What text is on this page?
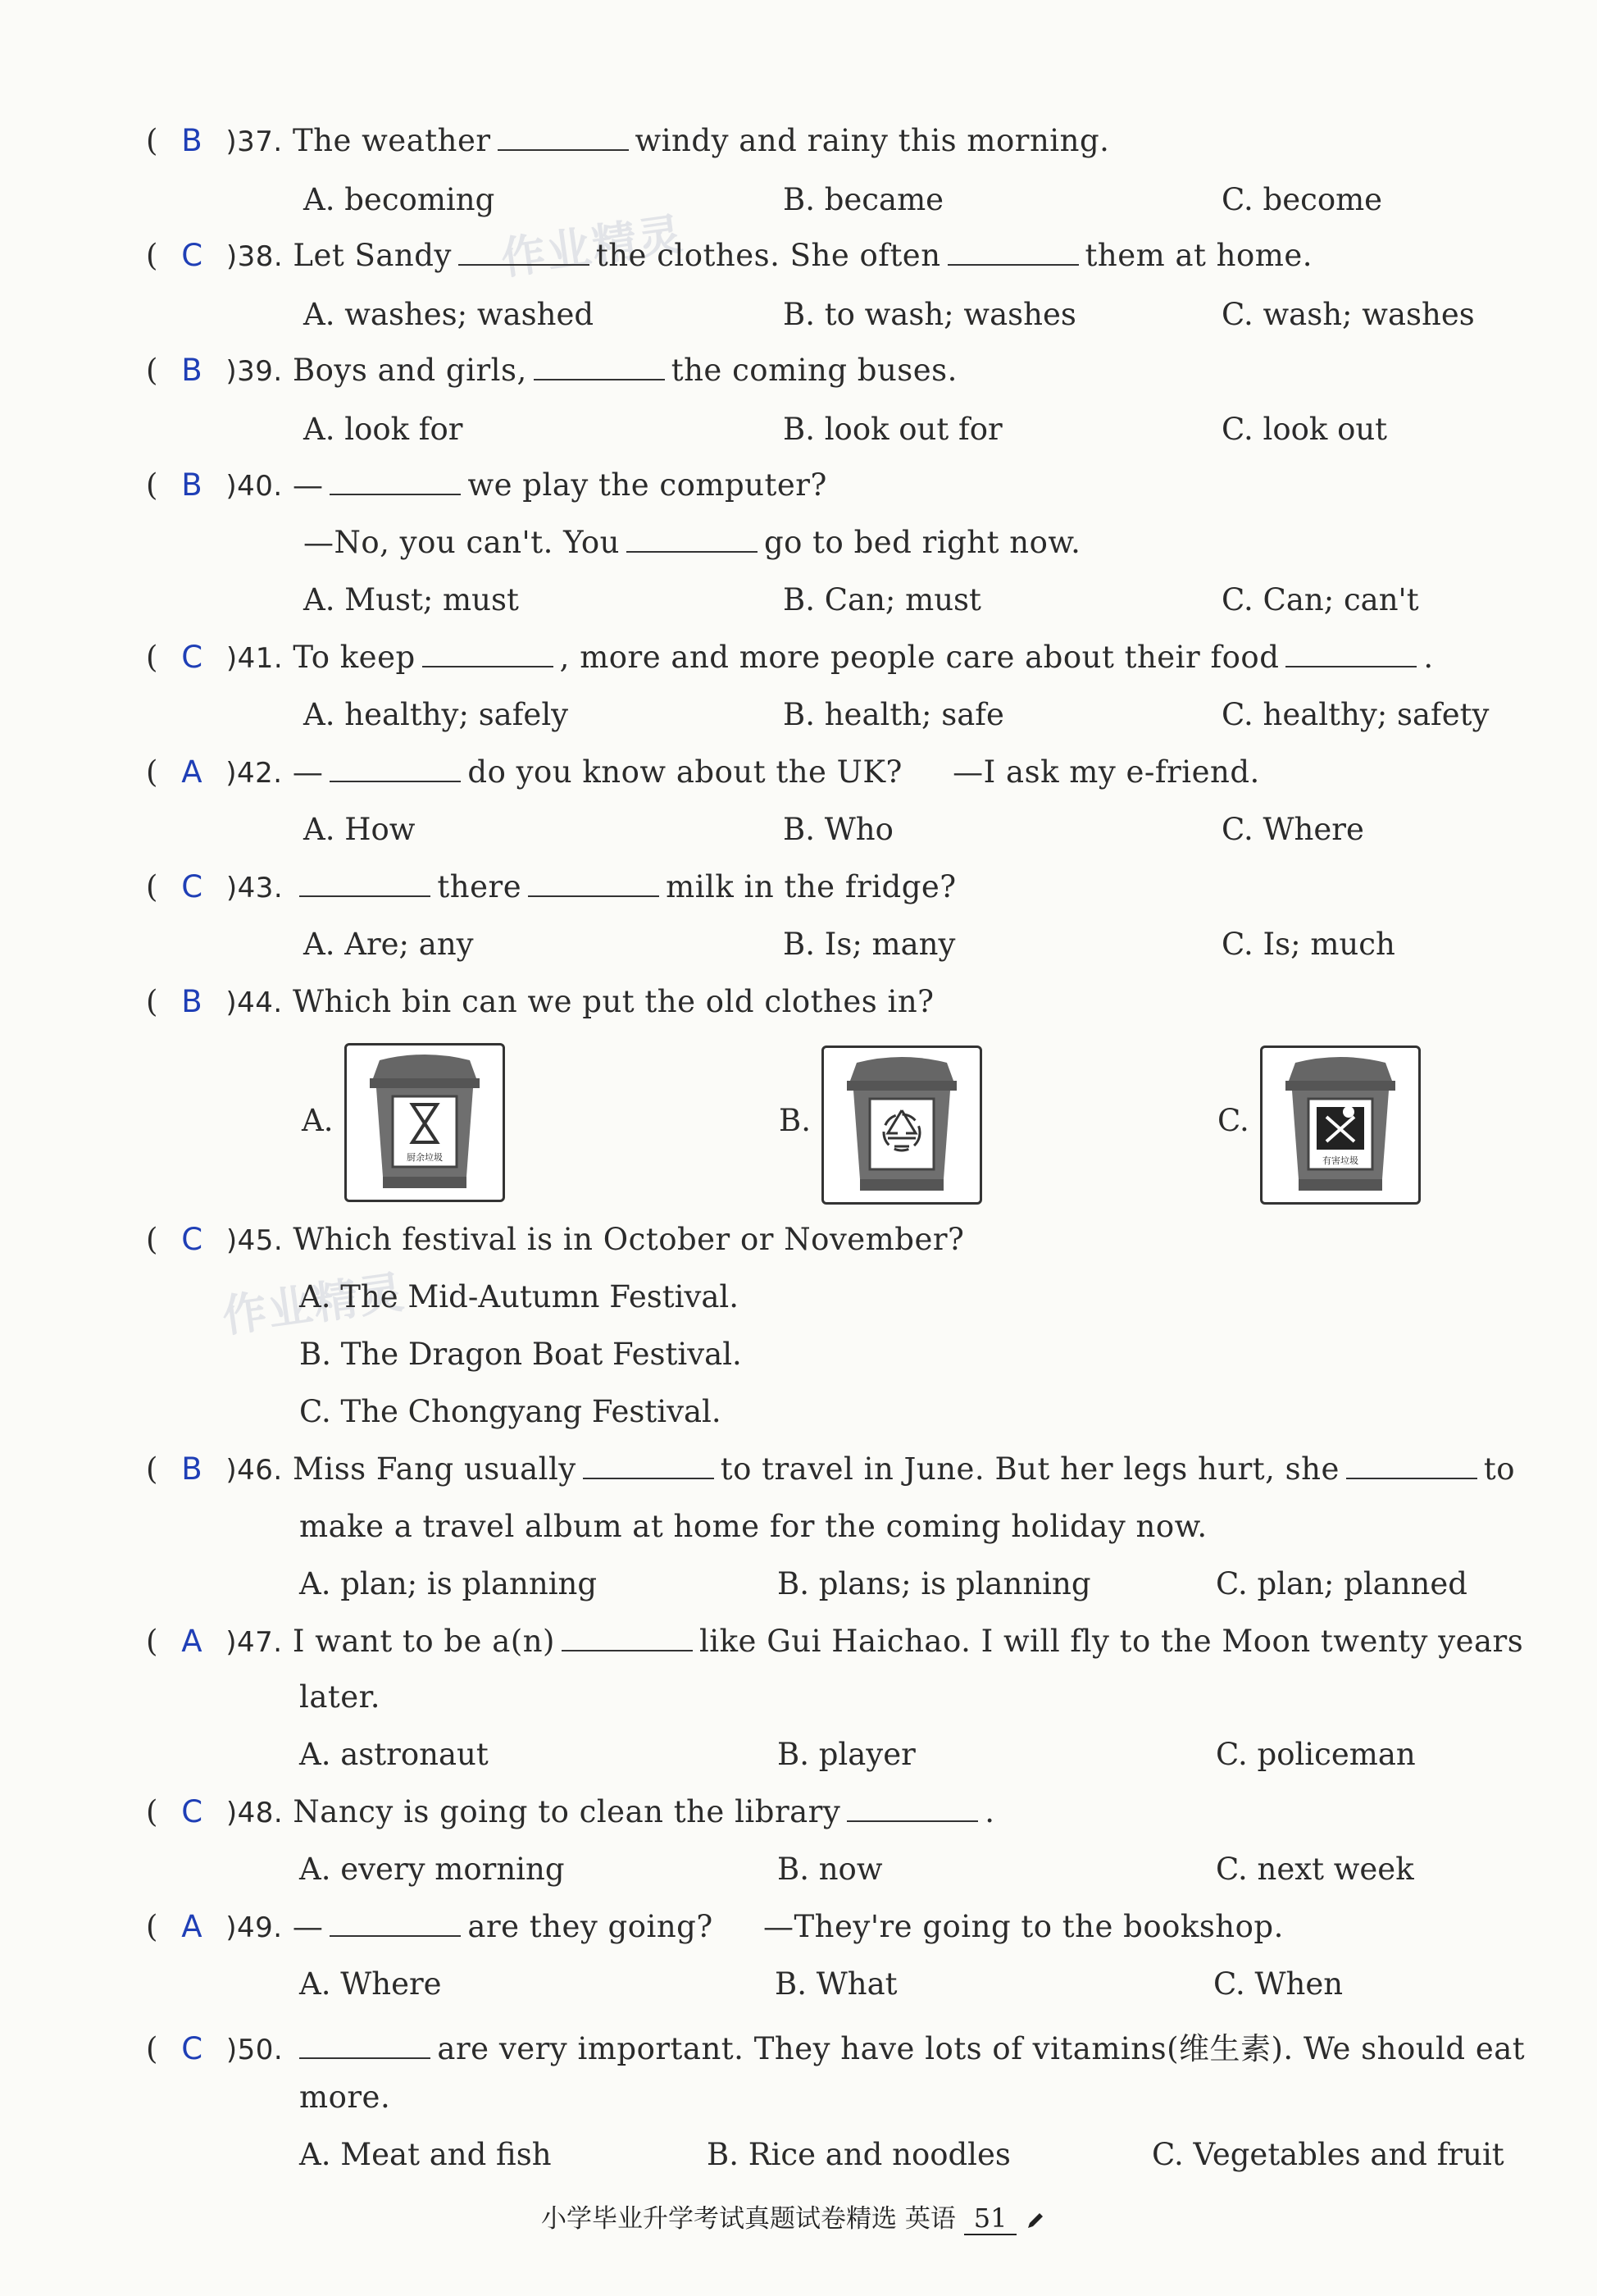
作业精灵
作业精灵
( B )37. The weather	windy and rainy this morning.
A. becoming	B. became	C. become
( C )38. Let Sandy	the clothes. She often	them at home.
A. washes; washed	B. to wash; washes	C. wash; washes
( B )39. Boys and girls,	the coming buses.
A. look for	B. look out for	C. look out
( B )40. —	we play the computer?
—No, you can't. You	go to bed right now.
A. Must; must	B. Can; must	C. Can; can't
( C )41. To keep	, more and more people care about their food	.
A. healthy; safely	B. health; safe	C. healthy; safety
( A )42. —	do you know about the UK?     —I ask my e-friend.
A. How	B. Who	C. Where
( C )43.	there	milk in the fridge?
A. Are; any	B. Is; many	C. Is; much
( B )44. Which bin can we put the old clothes in?
A.
厨余垃圾
B.	C.
有害垃圾
( C )45. Which festival is in October or November?
A. The Mid-Autumn Festival.
B. The Dragon Boat Festival.
C. The Chongyang Festival.
( B )46. Miss Fang usually	to travel in June. But her legs hurt, she	to
make a travel album at home for the coming holiday now.
A. plan; is planning	B. plans; is planning	C. plan; planned
( A )47. I want to be a(n)	like Gui Haichao. I will fly to the Moon twenty years
later.
A. astronaut	B. player	C. policeman
( C )48. Nancy is going to clean the library	.
A. every morning	B. now	C. next week
( A )49. —	are they going?     —They're going to the bookshop.
A. Where	B. What	C. When
( C )50.	are very important. They have lots of vitamins(维生素). We should eat
more.
A. Meat and fish	B. Rice and noodles	C. Vegetables and fruit
小学毕业升学考试真题试卷精选 英语 51
